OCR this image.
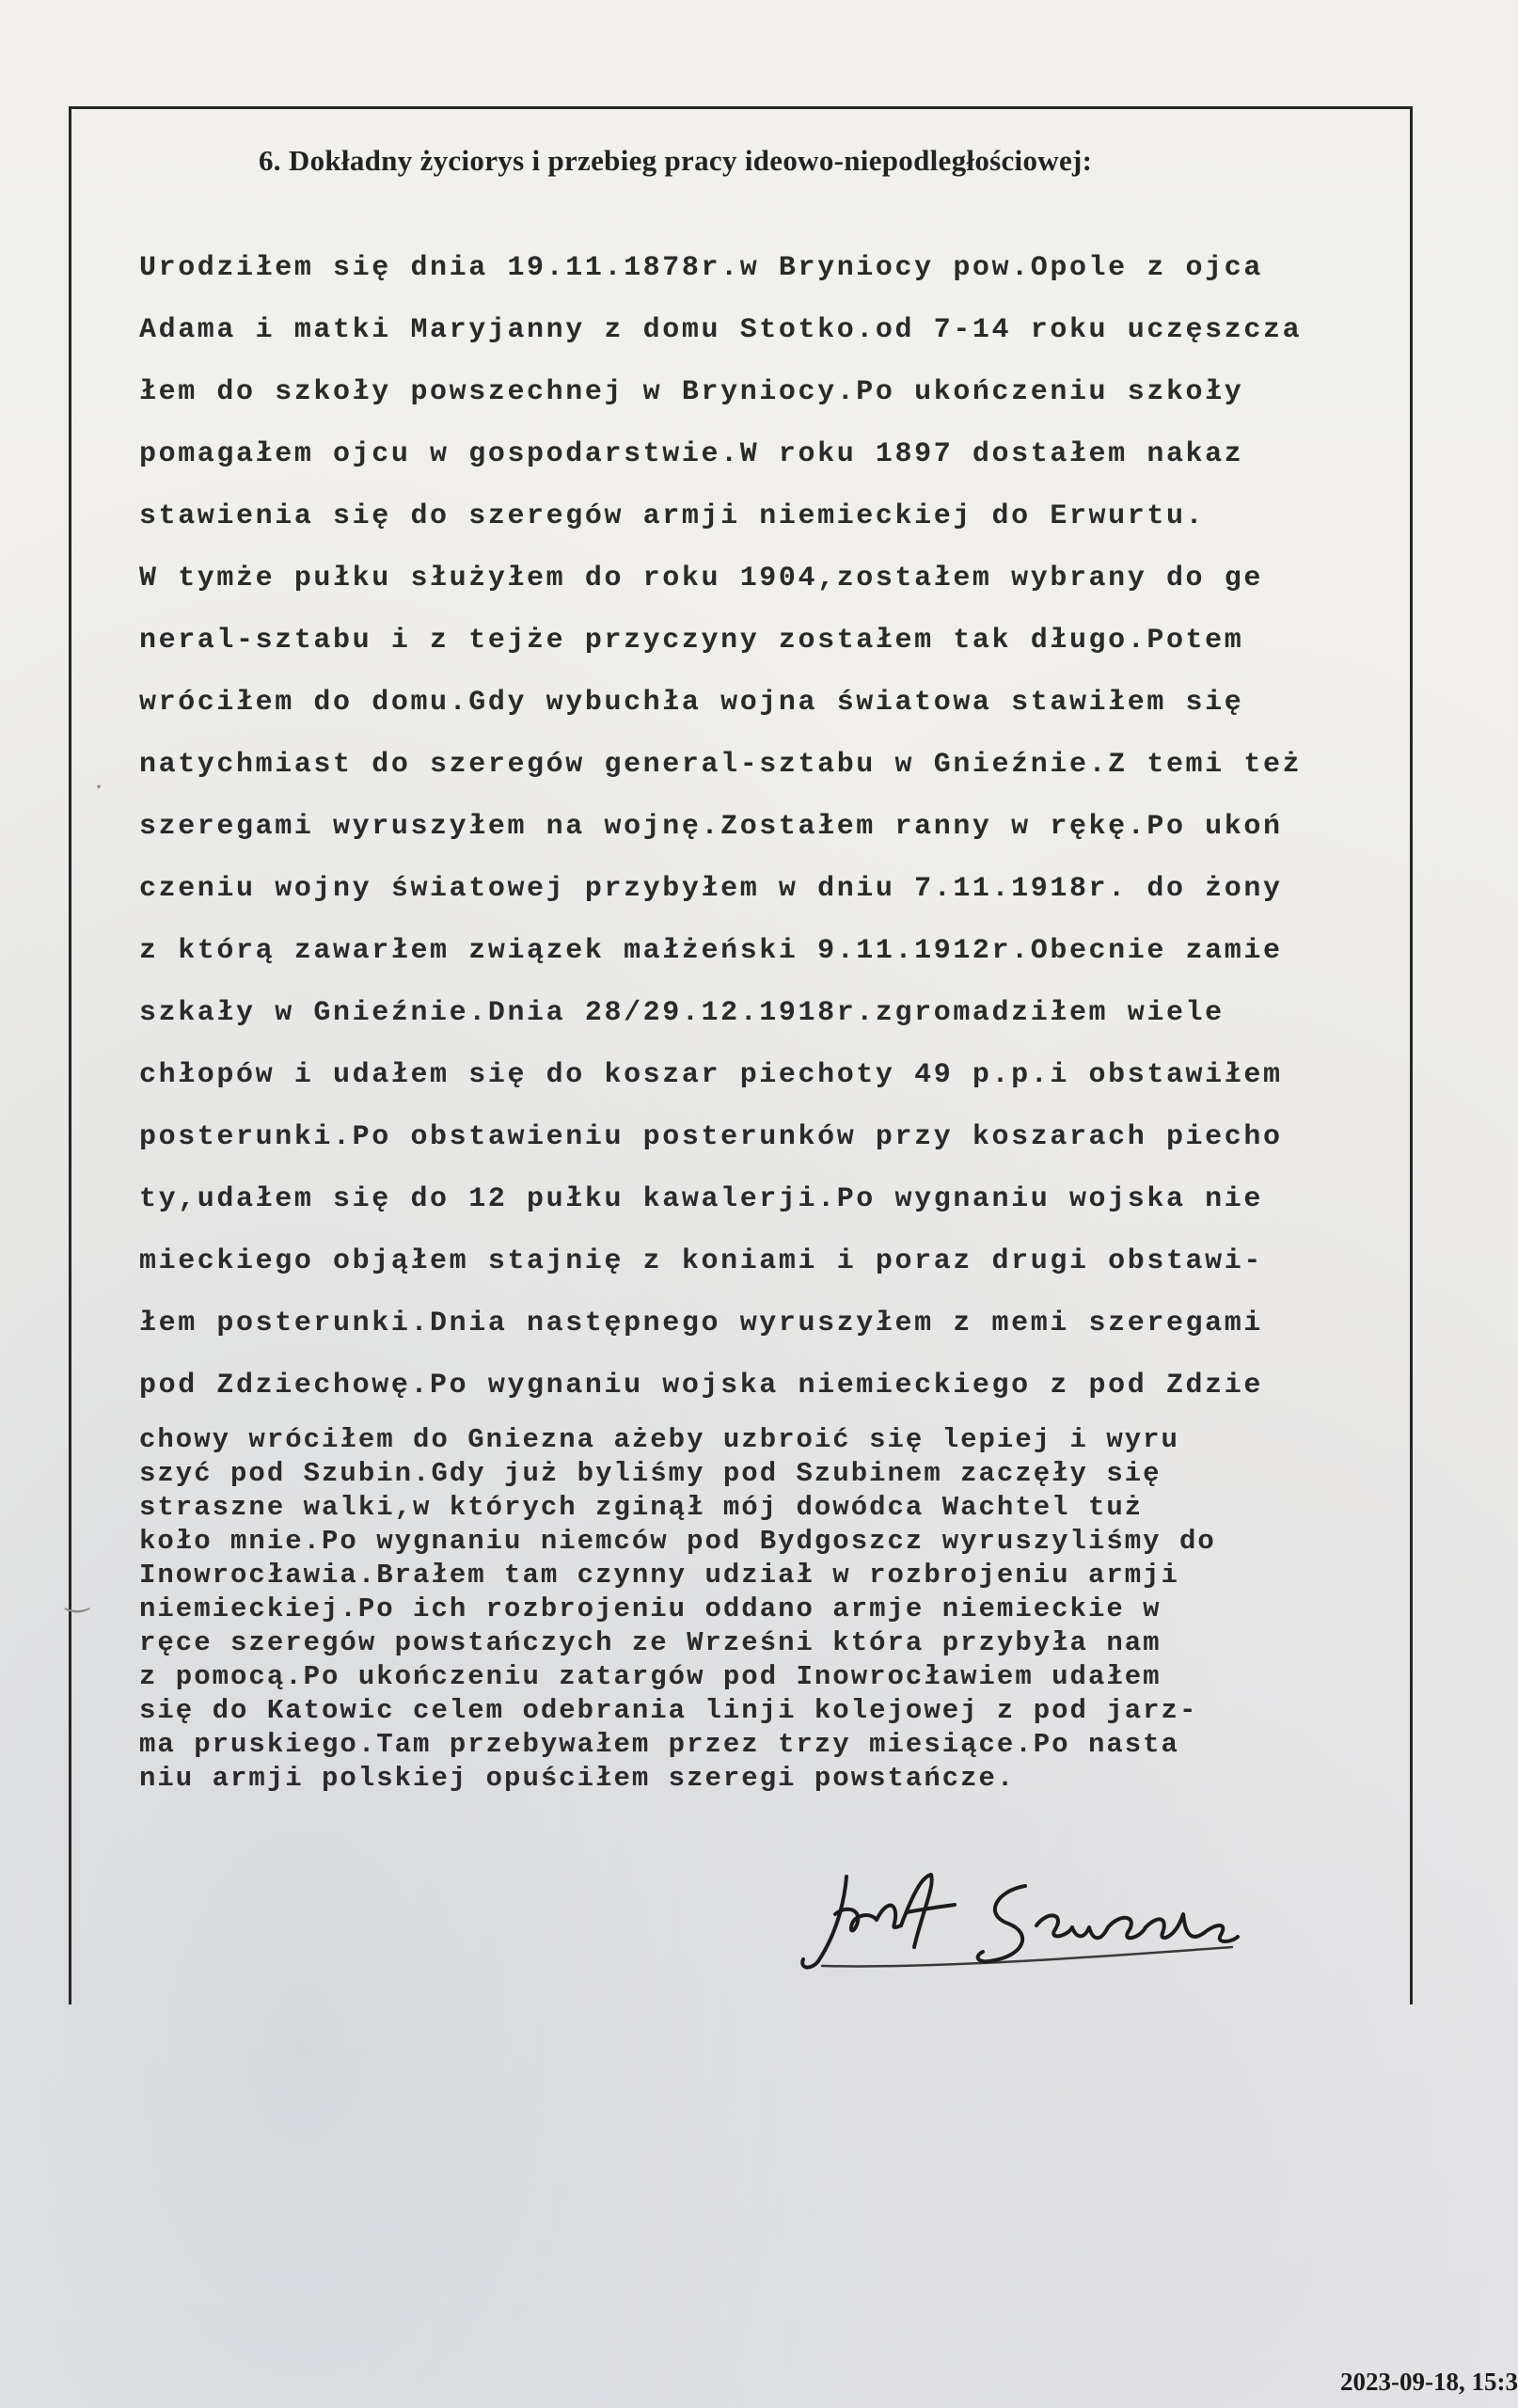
6. Dokładny życiorys i przebieg pracy ideowo-niepodległościowej:
Urodziłem się dnia 19.11.1878r.w Bryniocy pow.Opole z ojca
Adama i matki Maryjanny z domu Stotko.od 7-14 roku uczęszcza
łem do szkoły powszechnej w Bryniocy.Po ukończeniu szkoły
pomagałem ojcu w gospodarstwie.W roku 1897 dostałem nakaz
stawienia się do szeregów armji niemieckiej do Erwurtu.
W tymże pułku służyłem do roku 1904,zostałem wybrany do ge
neral-sztabu i z tejże przyczyny zostałem tak długo.Potem
wróciłem do domu.Gdy wybuchła wojna światowa stawiłem się
natychmiast do szeregów general-sztabu w Gnieźnie.Z temi też
szeregami wyruszyłem na wojnę.Zostałem ranny w rękę.Po ukoń
czeniu wojny światowej przybyłem w dniu 7.11.1918r. do żony
z którą zawarłem związek małżeński 9.11.1912r.Obecnie zamie
szkały w Gnieźnie.Dnia 28/29.12.1918r.zgromadziłem wiele
chłopów i udałem się do koszar piechoty 49 p.p.i obstawiłem
posterunki.Po obstawieniu posterunków przy koszarach piecho
ty,udałem się do 12 pułku kawalerji.Po wygnaniu wojska nie
mieckiego objąłem stajnię z koniami i poraz drugi obstawi-
łem posterunki.Dnia następnego wyruszyłem z memi szeregami
pod Zdziechowę.Po wygnaniu wojska niemieckiego z pod Zdzie
chowy wróciłem do Gniezna ażeby uzbroić się lepiej i wyru
szyć pod Szubin.Gdy już byliśmy pod Szubinem zaczęły się
straszne walki,w których zginął mój dowódca Wachtel tuż
koło mnie.Po wygnaniu niemców pod Bydgoszcz wyruszyliśmy do
Inowrocławia.Brałem tam czynny udział w rozbrojeniu armji
niemieckiej.Po ich rozbrojeniu oddano armje niemieckie w
ręce szeregów powstańczych ze Wrześni która przybyła nam
z pomocą.Po ukończeniu zatargów pod Inowrocławiem udałem
się do Katowic celem odebrania linji kolejowej z pod jarz-
ma pruskiego.Tam przebywałem przez trzy miesiące.Po nasta
niu armji polskiej opuściłem szeregi powstańcze.
·
‿
2023-09-18, 15:3
